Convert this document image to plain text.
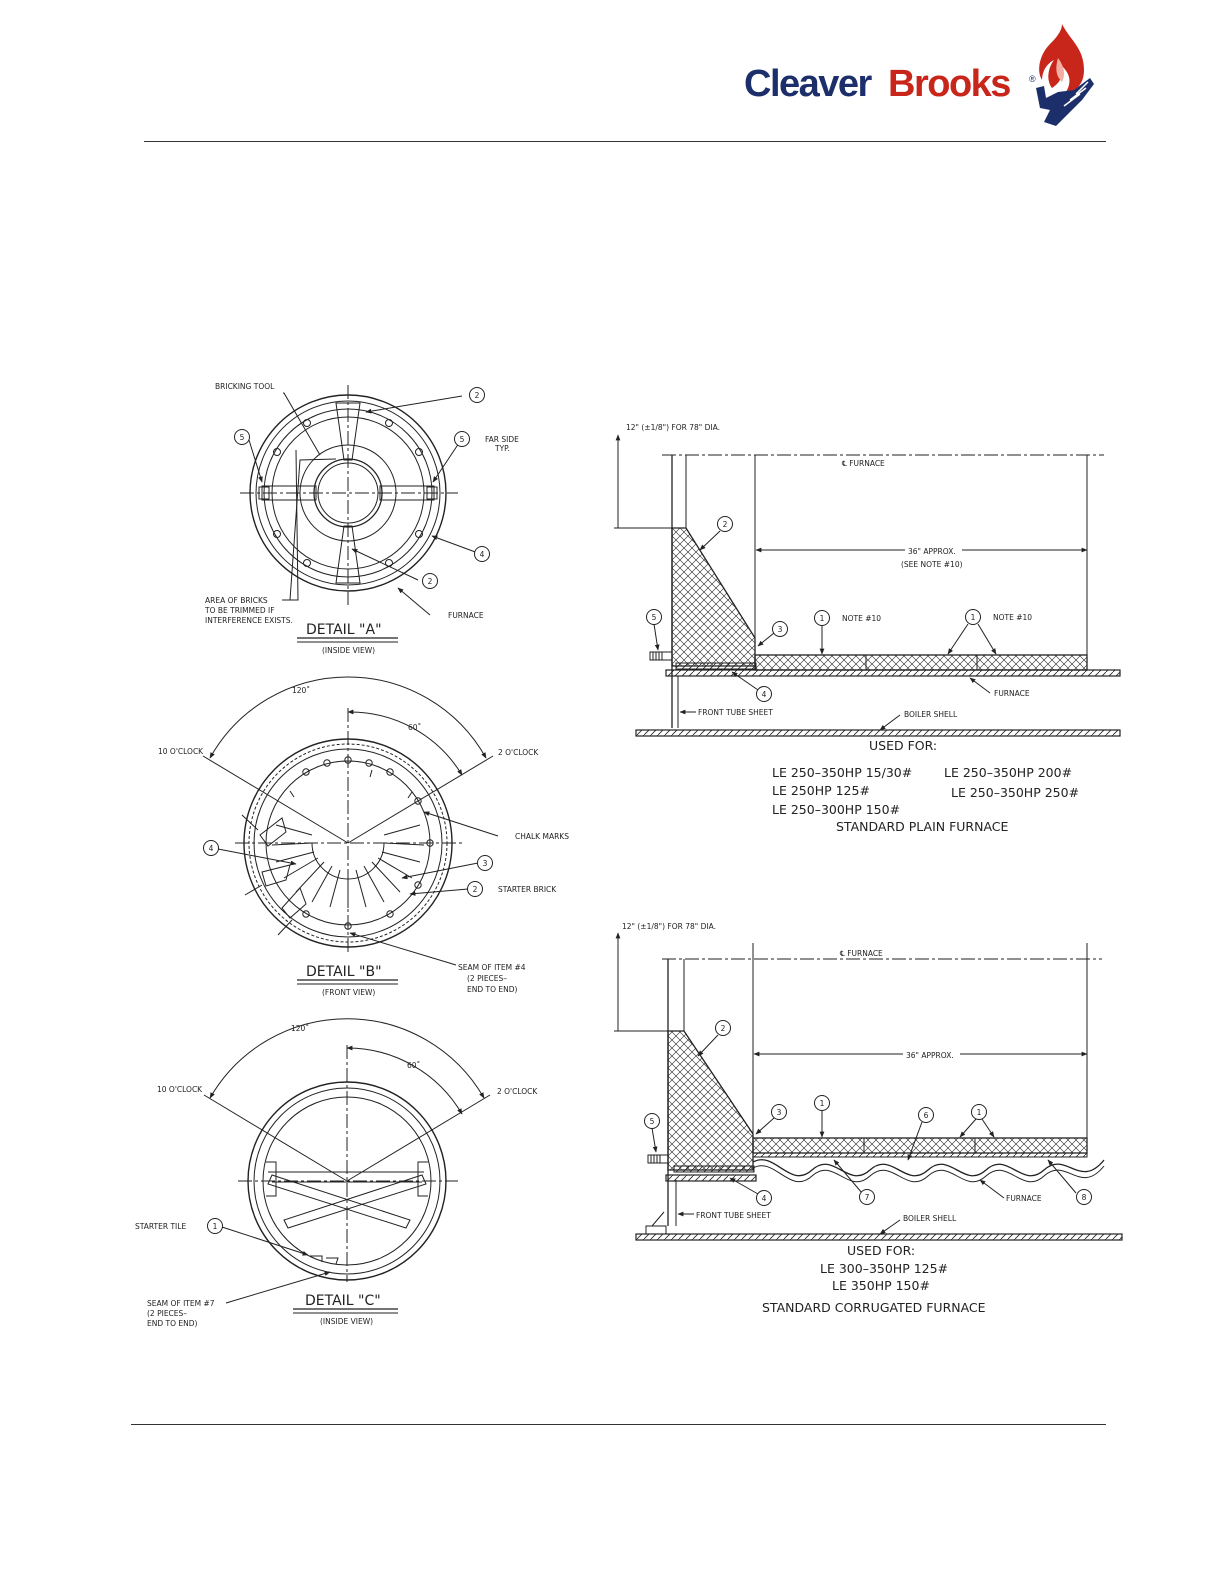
Cleaver Brooks ®
2
5	5
4
2
BRICKING TOOL
FAR SIDE
TYP.
AREA OF BRICKS
TO BE TRIMMED IF
INTERFERENCE EXISTS.
FURNACE
DETAIL "A"
(INSIDE VIEW)
4
3
2
120˚
60˚
10 O'CLOCK	2 O'CLOCK
CHALK MARKS
STARTER BRICK
SEAM OF ITEM #4
(2 PIECES–
END TO END)
DETAIL "B"
(FRONT VIEW)
1
120˚
60˚
10 O'CLOCK	2 O'CLOCK
STARTER TILE
SEAM OF ITEM #7
(2 PIECES–
END TO END)
DETAIL "C"
(INSIDE VIEW)
2
5
3
1	1
4
12" (±1/8") FOR 78" DIA.
℄ FURNACE
36" APPROX.
(SEE NOTE #10)
NOTE #10	NOTE #10
FRONT TUBE SHEET	BOILER SHELL
FURNACE
USED FOR:
LE 250–350HP 15/30#	LE 250–350HP 200#
LE 250HP 125#	LE 250–350HP 250#
LE 250–300HP 150#
STANDARD PLAIN FURNACE
2
5
3
1
6	1
4	7	8
12" (±1/8") FOR 78" DIA.
℄ FURNACE
36" APPROX.
FRONT TUBE SHEET	BOILER SHELL
FURNACE
USED FOR:
LE 300–350HP 125#
LE 350HP 150#
STANDARD CORRUGATED FURNACE
